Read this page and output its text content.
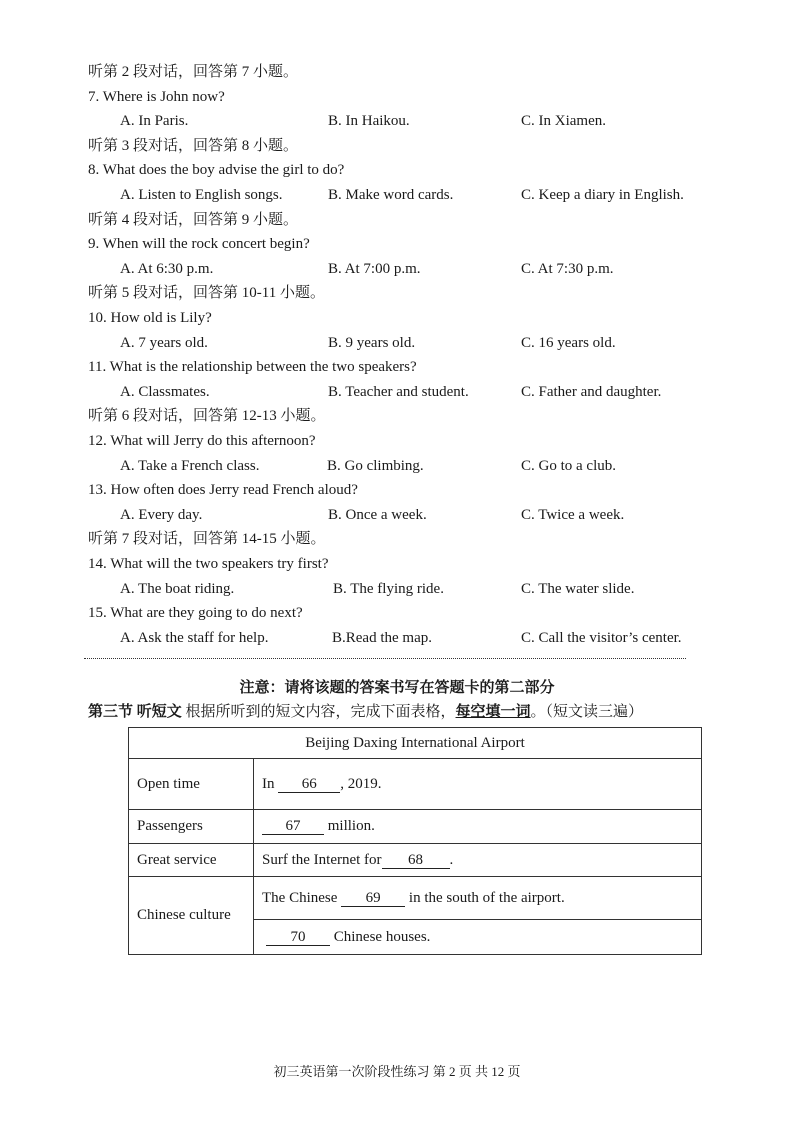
听第 2 段对话，回答第 7 小题。
7. Where is John now?
A. In Paris.	B. In Haikou.	C. In Xiamen.
听第 3 段对话，回答第 8 小题。
8. What does the boy advise the girl to do?
A. Listen to English songs.	B. Make word cards.	C. Keep a diary in English.
听第 4 段对话，回答第 9 小题。
9. When will the rock concert begin?
A. At 6:30 p.m.	B. At 7:00 p.m.	C. At 7:30 p.m.
听第 5 段对话，回答第 10-11 小题。
10. How old is Lily?
A. 7 years old.	B. 9 years old.	C. 16 years old.
11. What is the relationship between the two speakers?
A. Classmates.	B. Teacher and student.	C. Father and daughter.
听第 6 段对话，回答第 12-13 小题。
12. What will Jerry do this afternoon?
A. Take a French class.	B. Go climbing.	C. Go to a club.
13. How often does Jerry read French aloud?
A. Every day.	B. Once a week.	C. Twice a week.
听第 7 段对话，回答第 14-15 小题。
14. What will the two speakers try first?
A. The boat riding.	B. The flying ride.	C. The water slide.
15. What are they going to do next?
A. Ask the staff for help.	B.Read the map.	C. Call the visitor’s center.
注意：请将该题的答案书写在答题卡的第二部分
第三节 听短文 根据所听到的短文内容，完成下面表格，每空填一词。（短文读三遍）
Beijing Daxing International Airport	
Open time	In 66 , 2019.
Passengers	67 million.
Great service	Surf the Internet for 68 .
Chinese culture	The Chinese 69 in the south of the airport.
	70 Chinese houses.
初三英语第一次阶段性练习 第 2 页 共 12 页
